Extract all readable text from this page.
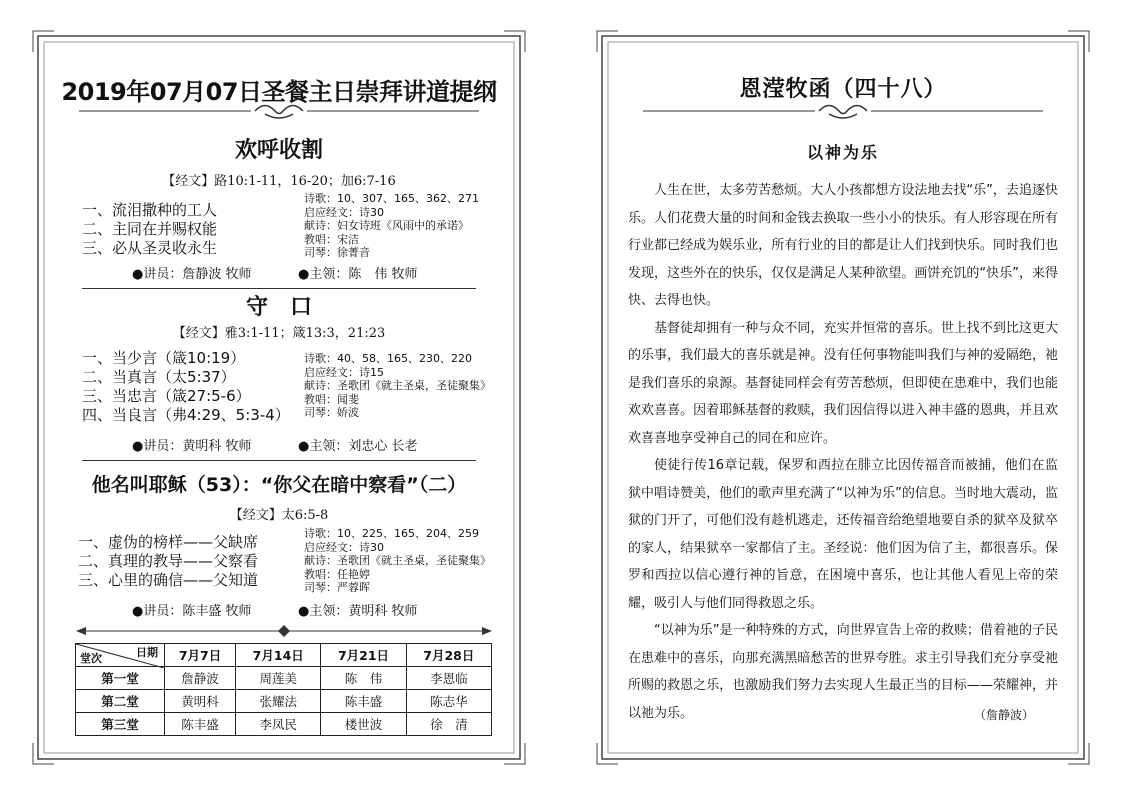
2019年07月07日圣餐主日崇拜讲道提纲
欢呼收割
【经文】路10:1-11，16-20；加6:7-16
一、流泪撒种的工人
二、主同在并赐权能
三、必从圣灵收永生
诗歌：10、307、165、362、271
启应经文：诗30
献诗：妇女诗班《风雨中的承诺》
教唱：宋洁
司琴：徐菁音
●讲员：詹静波 牧师	●主领：陈　伟 牧师
守　口
【经文】雅3:1-11；箴13:3，21:23
一、当少言（箴10:19）
二、当真言（太5:37）
三、当忠言（箴27:5-6）
四、当良言（弗4:29、5:3-4）
诗歌：40、58、165、230、220
启应经文：诗15
献诗：圣歌团《就主圣桌，圣徒聚集》
教唱：闻斐
司琴：娇波
●讲员：黄明科 牧师	●主领：刘忠心 长老
他名叫耶稣（53）：“你父在暗中察看”（二）
【经文】太6:5-8
一、虚伪的榜样——父缺席
二、真理的教导——父察看
三、心里的确信——父知道
诗歌：10、225、165、204、259
启应经文：诗30
献诗：圣歌团《就主圣桌，圣徒聚集》
教唱：任艳婷
司琴：严蓉晖
●讲员：陈丰盛 牧师	●主领：黄明科 牧师
日期
堂次	7月7日	7月14日	7月21日	7月28日
第一堂	詹静波	周莲美	陈　伟	李恩临
第二堂	黄明科	张耀法	陈丰盛	陈志华
第三堂	陈丰盛	李凤民	楼世波	徐　清
恩滢牧函（四十八）
以神为乐

人生在世，太多劳苦愁烦。大人小孩都想方设法地去找“乐”，去追逐快乐。人们花费大量的时间和金钱去换取一些小小的快乐。有人形容现在所有行业都已经成为娱乐业，所有行业的目的都是让人们找到快乐。同时我们也发现，这些外在的快乐，仅仅是满足人某种欲望。画饼充饥的“快乐”，来得快、去得也快。

基督徒却拥有一种与众不同，充实并恒常的喜乐。世上找不到比这更大的乐事，我们最大的喜乐就是神。没有任何事物能叫我们与神的爱隔绝，祂是我们喜乐的泉源。基督徒同样会有劳苦愁烦，但即使在患难中，我们也能欢欢喜喜。因着耶稣基督的救赎，我们因信得以进入神丰盛的恩典，并且欢欢喜喜地享受神自己的同在和应许。

使徒行传16章记载，保罗和西拉在腓立比因传福音而被捕，他们在监狱中唱诗赞美，他们的歌声里充满了“以神为乐”的信息。当时地大震动，监狱的门开了，可他们没有趁机逃走，还传福音给绝望地要自杀的狱卒及狱卒的家人，结果狱卒一家都信了主。圣经说：他们因为信了主，都很喜乐。保罗和西拉以信心遵行神的旨意，在困境中喜乐，也让其他人看见上帝的荣耀，吸引人与他们同得救恩之乐。

“以神为乐”是一种特殊的方式，向世界宣告上帝的救赎；借着祂的子民在患难中的喜乐，向那充满黑暗愁苦的世界夸胜。求主引导我们充分享受祂所赐的救恩之乐，也激励我们努力去实现人生最正当的目标——荣耀神，并以祂为乐。	（詹静波）
